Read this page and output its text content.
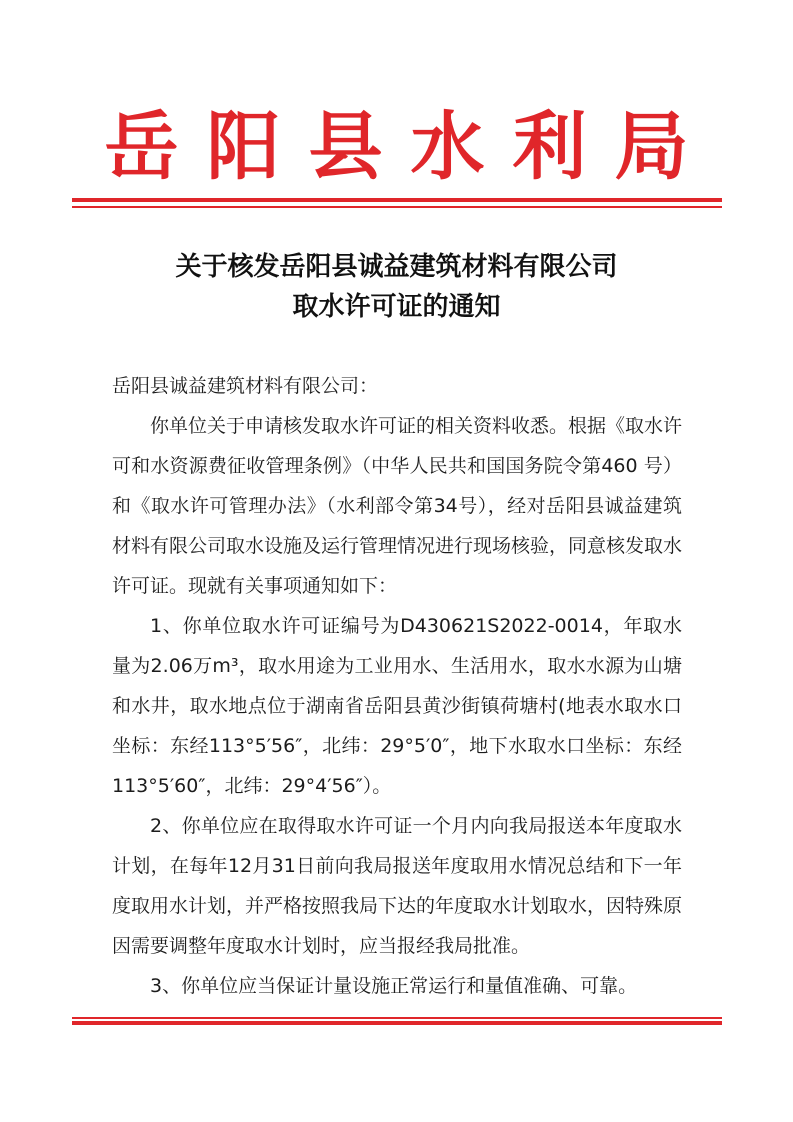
岳阳县水利局
关于核发岳阳县诚益建筑材料有限公司
取水许可证的通知

岳阳县诚益建筑材料有限公司：

你单位关于申请核发取水许可证的相关资料收悉。根据《取水许可和水资源费征收管理条例》（中华人民共和国国务院令第460 号）和《取水许可管理办法》（水利部令第34号），经对岳阳县诚益建筑材料有限公司取水设施及运行管理情况进行现场核验，同意核发取水许可证。现就有关事项通知如下：

1、你单位取水许可证编号为D430621S2022-0014，年取水量为2.06万m³，取水用途为工业用水、生活用水，取水水源为山塘和水井，取水地点位于湖南省岳阳县黄沙街镇荷塘村(地表水取水口坐标：东经113°5′56″，北纬：29°5′0″，地下水取水口坐标：东经113°5′60″，北纬：29°4′56″）。

2、你单位应在取得取水许可证一个月内向我局报送本年度取水计划，在每年12月31日前向我局报送年度取用水情况总结和下一年度取用水计划，并严格按照我局下达的年度取水计划取水，因特殊原因需要调整年度取水计划时，应当报经我局批准。

3、你单位应当保证计量设施正常运行和量值准确、可靠。
